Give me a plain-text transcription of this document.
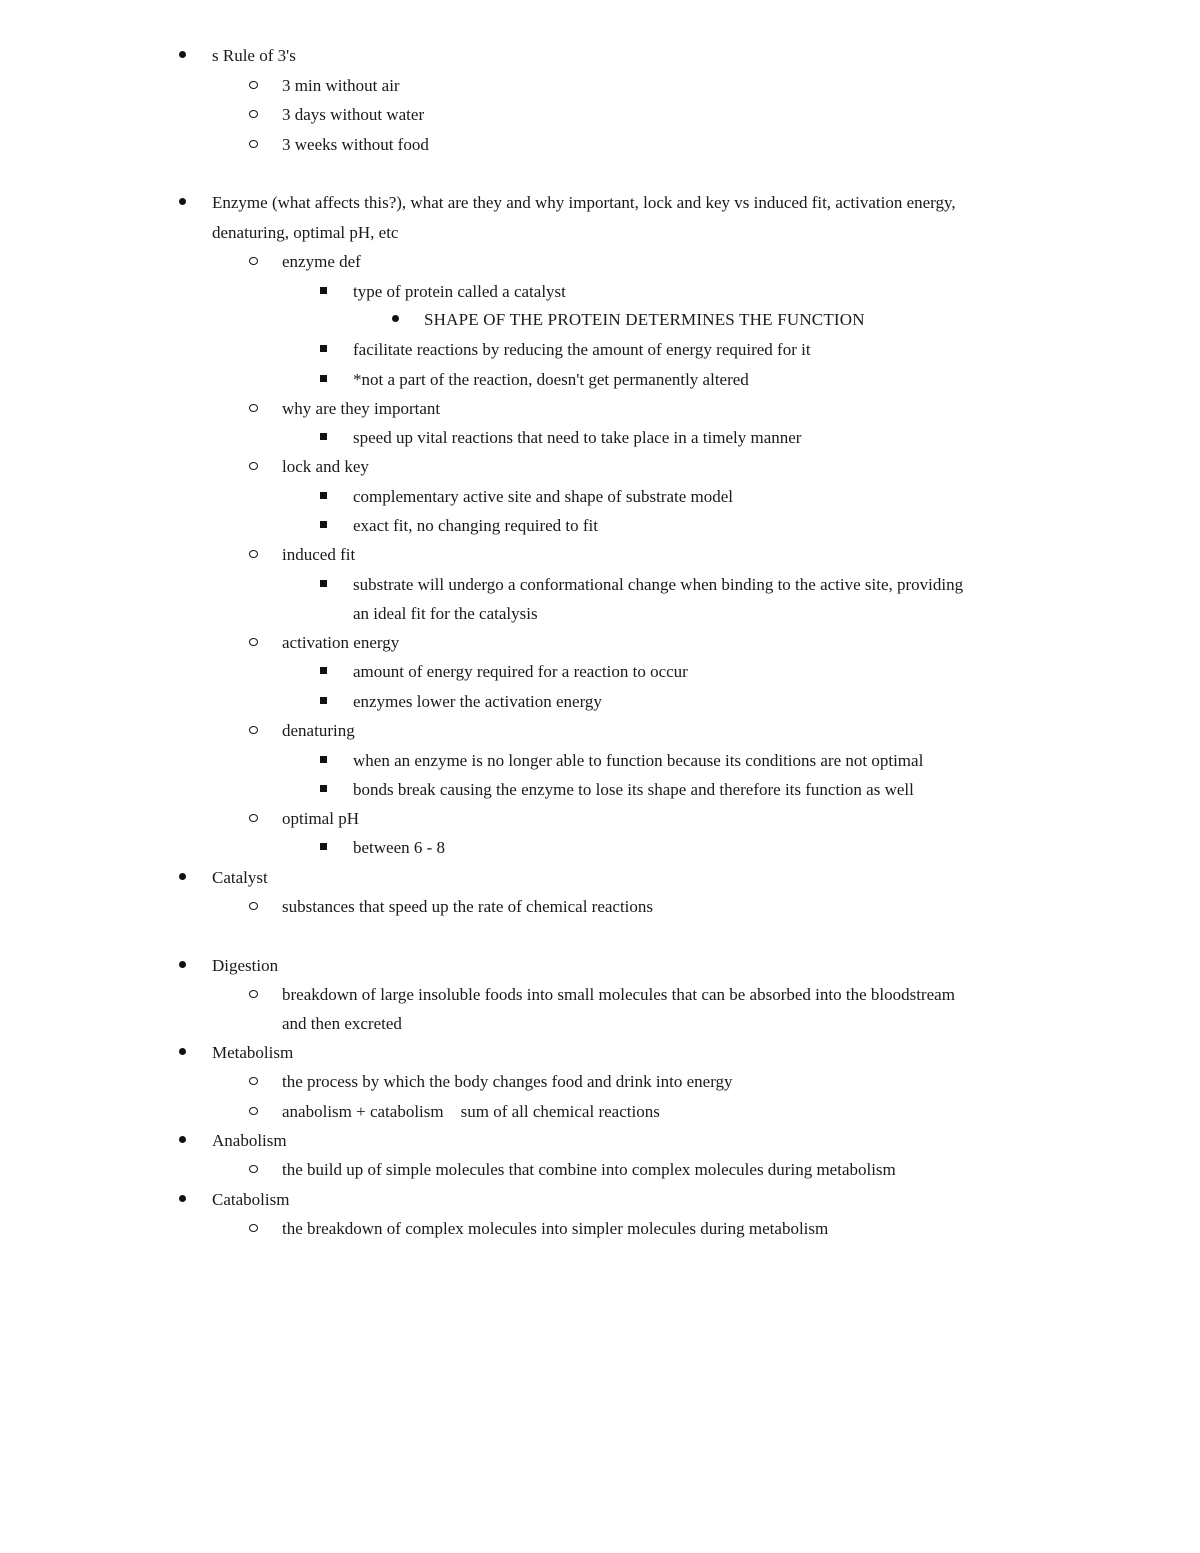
s Rule of 3's
3 min without air
3 days without water
3 weeks without food
Enzyme (what affects this?), what are they and why important, lock and key vs induced fit, activation energy,
denaturing, optimal pH, etc
enzyme def
type of protein called a catalyst
SHAPE OF THE PROTEIN DETERMINES THE FUNCTION
facilitate reactions by reducing the amount of energy required for it
*not a part of the reaction, doesn't get permanently altered
why are they important
speed up vital reactions that need to take place in a timely manner
lock and key
complementary active site and shape of substrate model
exact fit, no changing required to fit
induced fit
substrate will undergo a conformational change when binding to the active site, providing
an ideal fit for the catalysis
activation energy
amount of energy required for a reaction to occur
enzymes lower the activation energy
denaturing
when an enzyme is no longer able to function because its conditions are not optimal
bonds break causing the enzyme to lose its shape and therefore its function as well
optimal pH
between 6 - 8
Catalyst
substances that speed up the rate of chemical reactions
Digestion
breakdown of large insoluble foods into small molecules that can be absorbed into the bloodstream
and then excreted
Metabolism
the process by which the body changes food and drink into energy
anabolism + catabolism    sum of all chemical reactions
Anabolism
the build up of simple molecules that combine into complex molecules during metabolism
Catabolism
the breakdown of complex molecules into simpler molecules during metabolism
